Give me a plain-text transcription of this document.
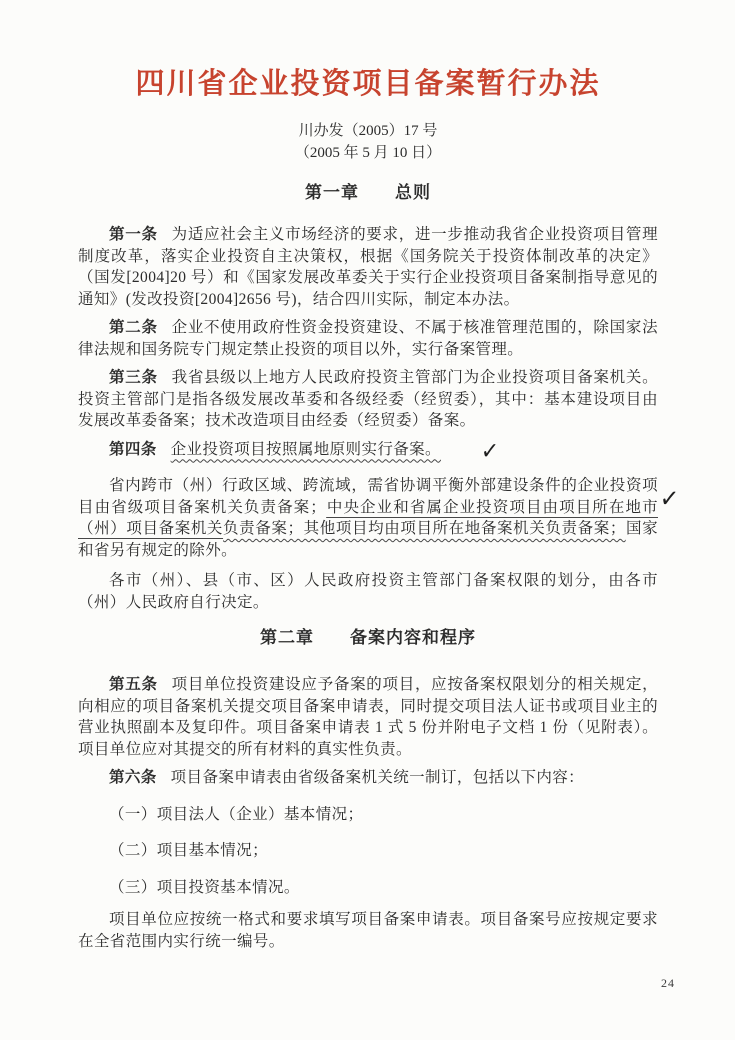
四川省企业投资项目备案暂行办法
川办发（2005）17 号
（2005 年 5 月 10 日）
第一章　　总则

第一条 为适应社会主义市场经济的要求，进一步推动我省企业投资项目管理制度改革，落实企业投资自主决策权，根据《国务院关于投资体制改革的决定》（国发[2004]20 号）和《国家发展改革委关于实行企业投资项目备案制指导意见的通知》(发改投资[2004]2656 号)，结合四川实际，制定本办法。

第二条 企业不使用政府性资金投资建设、不属于核准管理范围的，除国家法律法规和国务院专门规定禁止投资的项目以外，实行备案管理。

第三条 我省县级以上地方人民政府投资主管部门为企业投资项目备案机关。投资主管部门是指各级发展改革委和各级经委（经贸委），其中：基本建设项目由发展改革委备案；技术改造项目由经委（经贸委）备案。

第四条 企业投资项目按照属地原则实行备案。 ✓

省内跨市（州）行政区域、跨流域，需省协调平衡外部建设条件的企业投资项目由省级项目备案机关负责备案；中央企业和省属企业投资项目由项目所在地市（州）项目备案机关负责备案；其他项目均由项目所在地备案机关负责备案；国家和省另有规定的除外。

各市（州）、县（市、区）人民政府投资主管部门备案权限的划分，由各市（州）人民政府自行决定。

第二章　　备案内容和程序

第五条 项目单位投资建设应予备案的项目，应按备案权限划分的相关规定，向相应的项目备案机关提交项目备案申请表，同时提交项目法人证书或项目业主的营业执照副本及复印件。项目备案申请表 1 式 5 份并附电子文档 1 份（见附表）。项目单位应对其提交的所有材料的真实性负责。

第六条 项目备案申请表由省级备案机关统一制订，包括以下内容：

（一）项目法人（企业）基本情况；

（二）项目基本情况；

（三）项目投资基本情况。

项目单位应按统一格式和要求填写项目备案申请表。项目备案号应按规定要求在全省范围内实行统一编号。

✓
24
